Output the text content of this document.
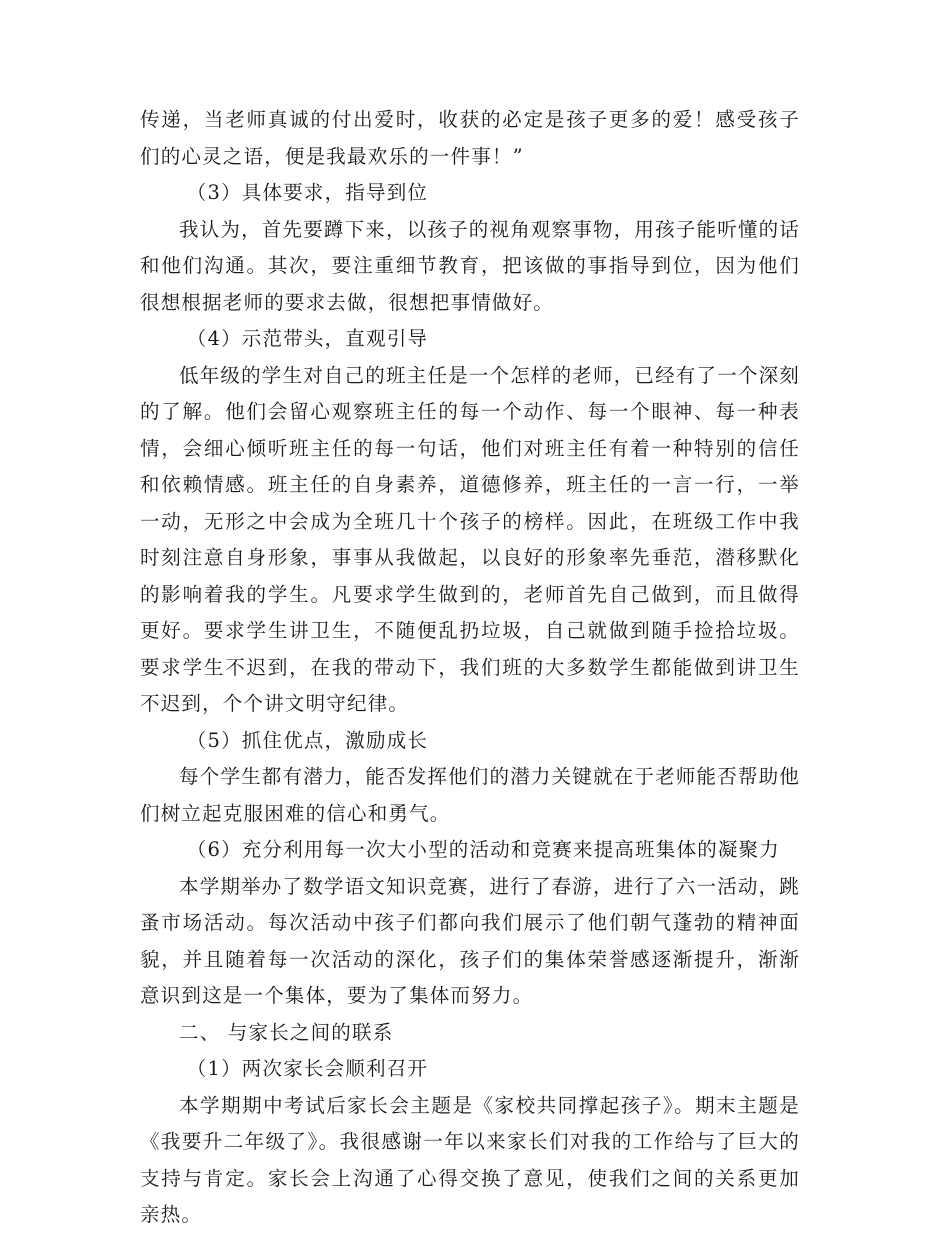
传递，当老师真诚的付出爱时，收获的必定是孩子更多的爱！感受孩子们的心灵之语，便是我最欢乐的一件事！”

（3）具体要求，指导到位

我认为，首先要蹲下来，以孩子的视角观察事物，用孩子能听懂的话和他们沟通。其次，要注重细节教育，把该做的事指导到位，因为他们很想根据老师的要求去做，很想把事情做好。

（4）示范带头，直观引导

低年级的学生对自己的班主任是一个怎样的老师，已经有了一个深刻的了解。他们会留心观察班主任的每一个动作、每一个眼神、每一种表情，会细心倾听班主任的每一句话，他们对班主任有着一种特别的信任和依赖情感。班主任的自身素养，道德修养，班主任的一言一行，一举一动，无形之中会成为全班几十个孩子的榜样。因此，在班级工作中我时刻注意自身形象，事事从我做起，以良好的形象率先垂范，潜移默化的影响着我的学生。凡要求学生做到的，老师首先自己做到，而且做得更好。要求学生讲卫生，不随便乱扔垃圾，自己就做到随手捡拾垃圾。要求学生不迟到，在我的带动下，我们班的大多数学生都能做到讲卫生不迟到，个个讲文明守纪律。

（5）抓住优点，激励成长

每个学生都有潜力，能否发挥他们的潜力关键就在于老师能否帮助他们树立起克服困难的信心和勇气。

（6）充分利用每一次大小型的活动和竞赛来提高班集体的凝聚力

本学期举办了数学语文知识竞赛，进行了春游，进行了六一活动，跳蚤市场活动。每次活动中孩子们都向我们展示了他们朝气蓬勃的精神面貌，并且随着每一次活动的深化，孩子们的集体荣誉感逐渐提升，渐渐意识到这是一个集体，要为了集体而努力。

二、 与家长之间的联系

（1）两次家长会顺利召开

本学期期中考试后家长会主题是《家校共同撑起孩子》。期末主题是《我要升二年级了》。我很感谢一年以来家长们对我的工作给与了巨大的支持与肯定。家长会上沟通了心得交换了意见，使我们之间的关系更加亲热。
